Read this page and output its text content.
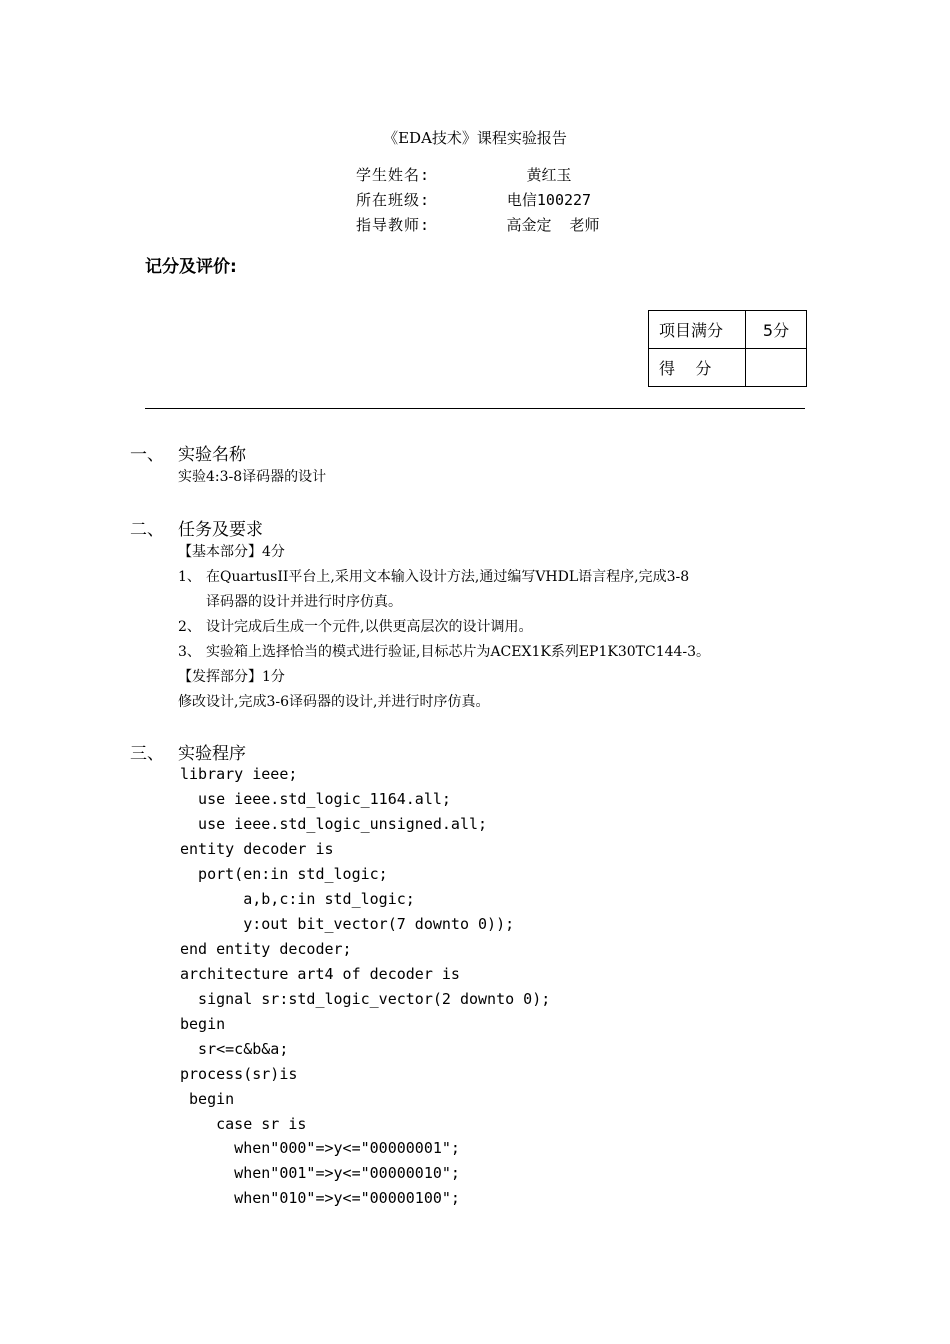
《EDA技术》课程实验报告
学生姓名:	黄红玉
所在班级:	电信100227
指导教师:	高金定  老师
记分及评价:
项目满分	5分
得    分	
一、 实验名称
实验4:3-8译码器的设计
二、 任务及要求
【基本部分】4分
1、 在QuartusII平台上,采用文本输入设计方法,通过编写VHDL语言程序,完成3-8
译码器的设计并进行时序仿真。
2、 设计完成后生成一个元件,以供更高层次的设计调用。
3、 实验箱上选择恰当的模式进行验证,目标芯片为ACEX1K系列EP1K30TC144-3。
【发挥部分】1分
修改设计,完成3-6译码器的设计,并进行时序仿真。
三、 实验程序
library ieee;
use ieee.std_logic_1164.all;
use ieee.std_logic_unsigned.all;
entity decoder is
port(en:in std_logic;
a,b,c:in std_logic;
y:out bit_vector(7 downto 0));
end entity decoder;
architecture art4 of decoder is
signal sr:std_logic_vector(2 downto 0);
begin
sr<=c&b&a;
process(sr)is
begin
case sr is
when"000"=>y<="00000001";
when"001"=>y<="00000010";
when"010"=>y<="00000100";
